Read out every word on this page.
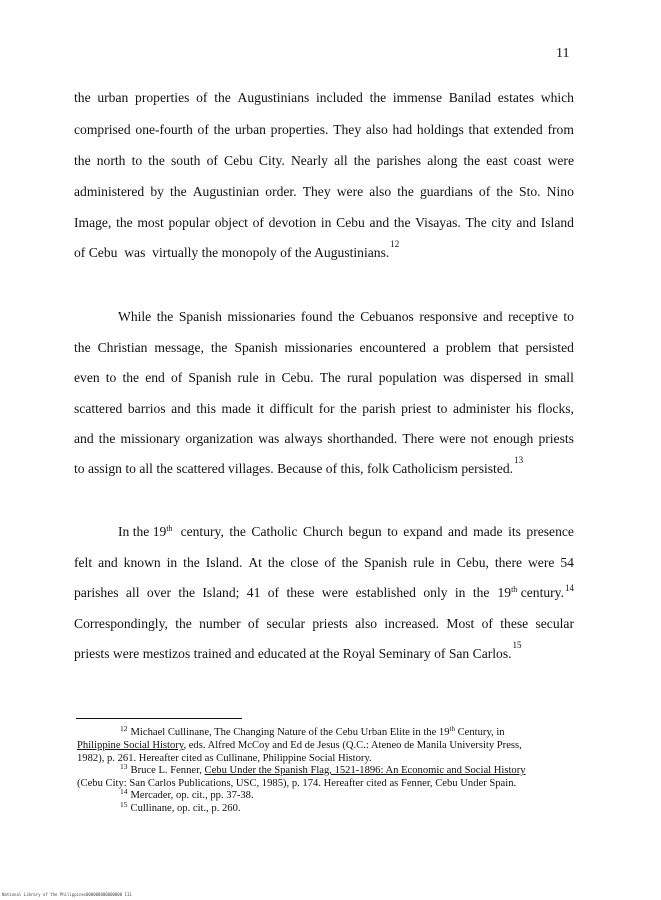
11
the urban properties of the Augustinians included the immense Banilad estates which
comprised one-fourth of the urban properties. They also had holdings that extended from
the north to the south of Cebu City. Nearly all the parishes along the east coast were
administered by the Augustinian order. They were also the guardians of the Sto. Nino
Image, the most popular object of devotion in Cebu and the Visayas. The city and Island
of Cebu  was  virtually the monopoly of the Augustinians.
12
While the Spanish missionaries found the Cebuanos responsive and receptive to
the Christian message, the Spanish missionaries encountered a problem that persisted
even to the end of Spanish rule in Cebu. The rural population was dispersed in small
scattered barrios and this made it difficult for the parish priest to administer his flocks,
and the missionary organization was always shorthanded. There were not enough priests
to assign to all the scattered villages. Because of this, folk Catholicism persisted.
13
In the 19th century, the Catholic Church begun to expand and made its presence
felt and known in the Island. At the close of the Spanish rule in Cebu, there were 54
parishes all over the Island; 41 of these were established only in the 19th century.$^{14}$
Correspondingly, the number of secular priests also increased. Most of these secular
priests were mestizos trained and educated at the Royal Seminary of San Carlos.
15
$^{12}$ Michael Cullinane, The Changing Nature of the Cebu Urban Elite in the 19th Century, in
Philippine Social History, eds. Alfred McCoy and Ed de Jesus (Q.C.: Ateneo de Manila University Press,
1982), p. 261. Hereafter cited as Cullinane, Philippine Social History.
$^{13}$ Bruce L. Fenner, Cebu Under the Spanish Flag, 1521-1896: An Economic and Social History
(Cebu City: San Carlos Publications, USC, 1985), p. 174. Hereafter cited as Fenner, Cebu Under Spain.
$^{14}$ Mercader, op. cit., pp. 37-38.
$^{15}$ Cullinane, op. cit., p. 260.
National Library of the Philippines 000000000000000 111
